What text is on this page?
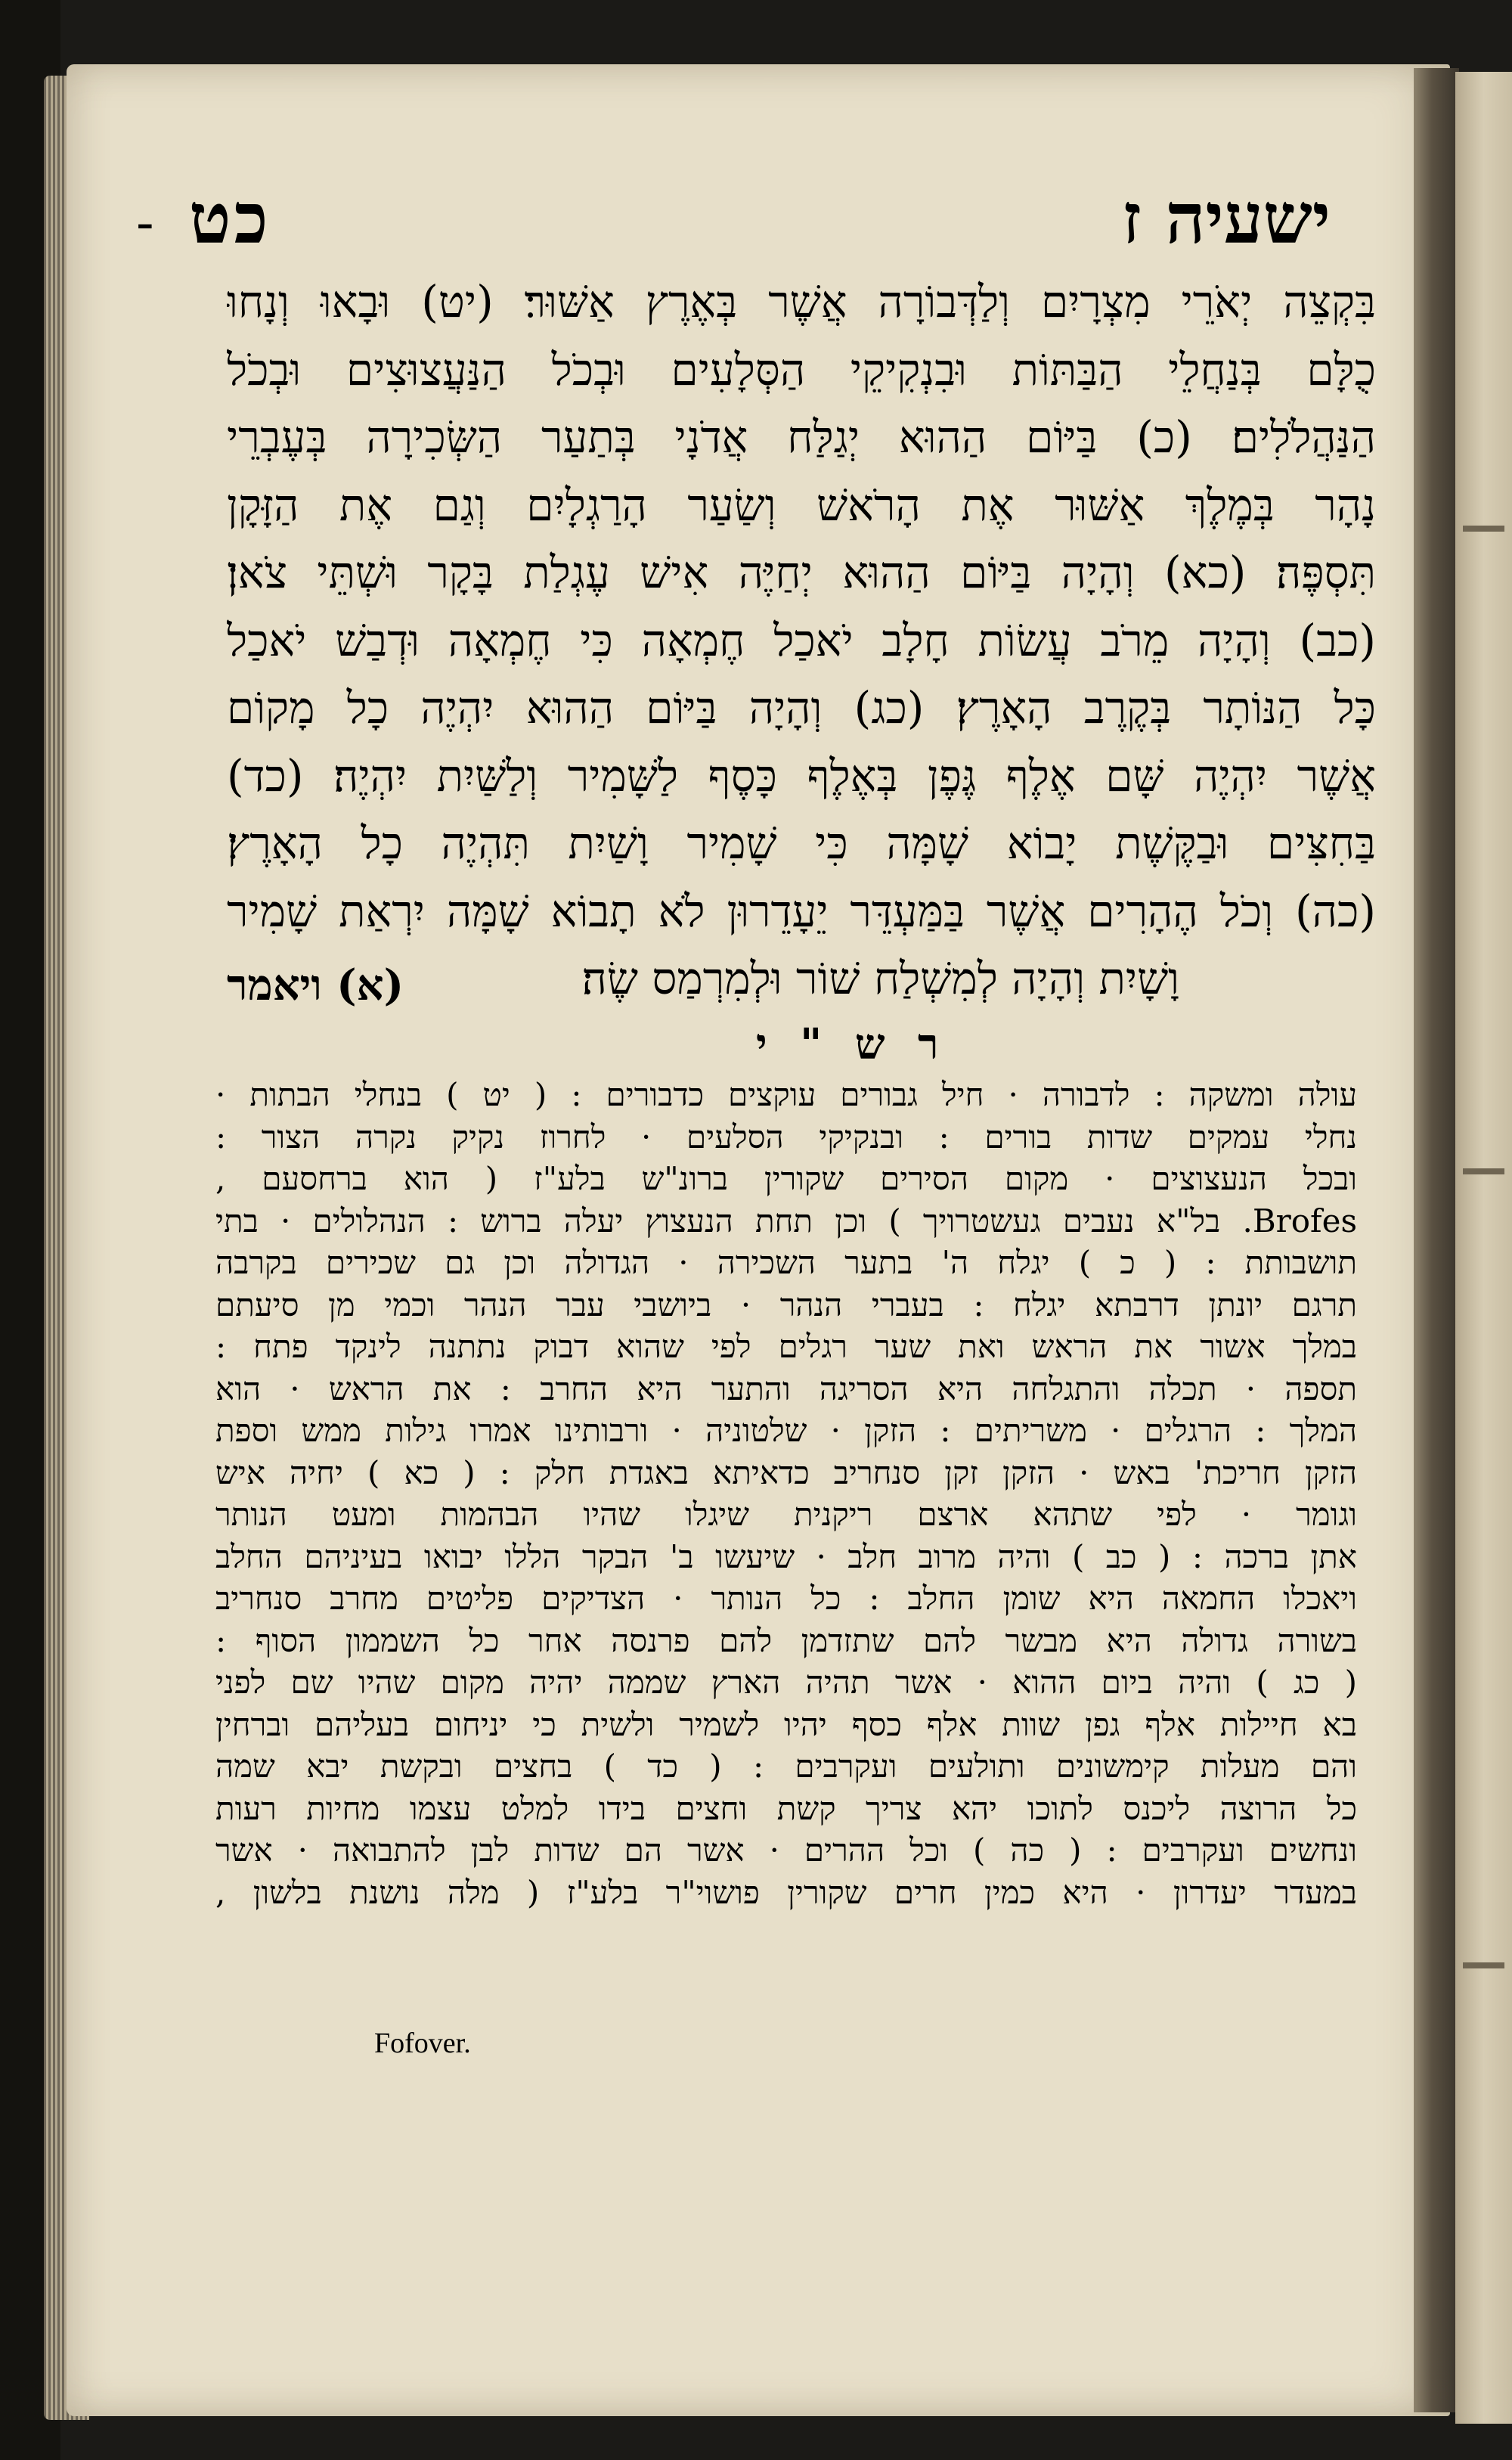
- כט	ישעיה ז

בִּקְצֵה יְאֹרֵי מִצְרָיִם וְלַדְּבוֹרָה אֲשֶׁר בְּאֶרֶץ אַשּׁוּר׃ (יט) וּבָאוּ וְנָחוּ

כֻלָּם בְּנַחֲלֵי הַבַּתּוֹת וּבִנְקִיקֵי הַסְּלָעִים וּבְכֹל הַנַּעֲצוּצִים וּבְכֹל

הַנַּהֲלֹלִים׃ (כ) בַּיּוֹם הַהוּא יְגַלַּח אֲדֹנָי בְּתַעַר הַשְּׂכִירָה בְּעֶבְרֵי

נָהָר בְּמֶלֶךְ אַשּׁוּר אֶת הָרֹאשׁ וְשַׂעַר הָרַגְלָיִם וְגַם אֶת הַזָּקָן

תִּסְפֶּה׃ (כא) וְהָיָה בַּיּוֹם הַהוּא יְחַיֶּה אִישׁ עֶגְלַת בָּקָר וּשְׁתֵּי צֹאן׃

(כב) וְהָיָה מֵרֹב עֲשׂוֹת חָלָב יֹאכַל חֶמְאָה כִּי חֶמְאָה וּדְבַשׁ יֹאכַל

כָּל הַנּוֹתָר בְּקֶרֶב הָאָרֶץ׃ (כג) וְהָיָה בַּיּוֹם הַהוּא יִהְיֶה כָל מָקוֹם

אֲשֶׁר יִהְיֶה שָּׁם אֶלֶף גֶּפֶן בְּאֶלֶף כָּסֶף לַשָּׁמִיר וְלַשַּׁיִת יִהְיֶה׃ (כד)

בַּחִצִּים וּבַקֶּשֶׁת יָבוֹא שָׁמָּה כִּי שָׁמִיר וָשַׁיִת תִּהְיֶה כָל הָאָרֶץ׃

(כה) וְכֹל הֶהָרִים אֲשֶׁר בַּמַּעְדֵּר יֵעָדֵרוּן לֹא תָבוֹא שָׁמָּה יִרְאַת שָׁמִיר

וָשָׁיִת וְהָיָה לְמִשְׁלַח שׁוֹר וּלְמִרְמַס שֶׂה׃

(א) ויאמר
ר ש " י

עולה ומשקה : לדבורה · חיל גבורים עוקצים כדבורים : ( יט ) בנחלי הבתות ·

נחלי עמקים שדות בורים : ובנקיקי הסלעים · לחרוז נקיק נקרה הצור :

ובכל הנעצוצים · מקום הסירים שקורין ברונ"ש בלע"ז ( הוא ברחסעם ,

Brofes. בל"א נעבים געשטרויך ) וכן תחת הנעצוץ יעלה ברוש : הנהלולים · בתי

תושבותת : ( כ ) יגלח ה' בתער השכירה · הגדולה וכן גם שכירים בקרבה

תרגם יונתן דרבתא יגלח : בעברי הנהר · ביושבי עבר הנהר וכמי מן סיעתם

במלך אשור את הראש ואת שער רגלים לפי שהוא דבוק נתתנה לינקד פתח :

תספה · תכלה והתגלחה היא הסריגה והתער היא החרב : את הראש · הוא

המלך : הרגלים · משריתים : הזקן · שלטוניה · ורבותינו אמרו גילות ממש וספת

הזקן חריכת' באש · הזקן זקן סנחריב כדאיתא באגדת חלק : ( כא ) יחיה איש

וגומר · לפי שתהא ארצם ריקנית שיגלו שהיו הבהמות ומעט הנותר

אתן ברכה : ( כב ) והיה מרוב חלב · שיעשו ב' הבקר הללו יבואו בעיניהם החלב

ויאכלו החמאה היא שומן החלב : כל הנותר · הצדיקים פליטים מחרב סנחריב

בשורה גדולה היא מבשר להם שתזדמן להם פרנסה אחר כל השממון הסוף :

( כג ) והיה ביום ההוא · אשר תהיה הארץ שממה יהיה מקום שהיו שם לפני

בא חיילות אלף גפן שוות אלף כסף יהיו לשמיר ולשית כי יניחום בעליהם וברחין

והם מעלות קימשונים ותולעים ועקרבים : ( כד ) בחצים ובקשת יבא שמה

כל הרוצה ליכנס לתוכו יהא צריך קשת וחצים בידו למלט עצמו מחיות רעות

ונחשים ועקרבים : ( כה ) וכל ההרים · אשר הם שדות לבן להתבואה · אשר

במעדר יעדרון · היא כמין חרים שקורין פושוי"ר בלע"ז ( מלה נושנת בלשון ,

Fofover.
